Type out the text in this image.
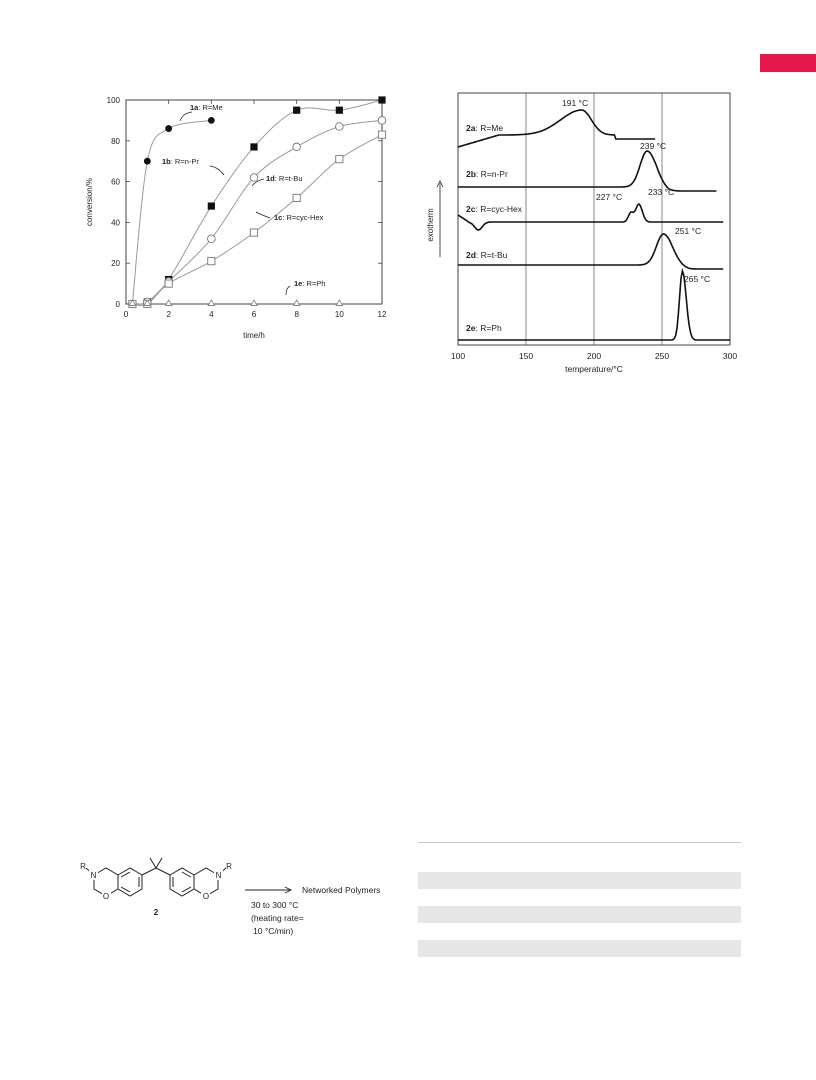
0	2	4	6	8	10	12
0
20
40
60
80
100
conversion/%
time/h
1a: R=Me
1b: R=n-Pr
1d: R=t-Bu
1c: R=cyc-Hex
1e: R=Ph
2a: R=Me
2b: R=n-Pr
2c: R=cyc-Hex
2d: R=t-Bu
2e: R=Ph
191 °C
239 °C
227 °C	233 °C
251 °C
265 °C
exotherm
100	150	200	250	300
temperature/°C
N	N
O	O
R	R
2
Networked Polymers
30 to 300 °C
(heating rate=
10 °C/min)
